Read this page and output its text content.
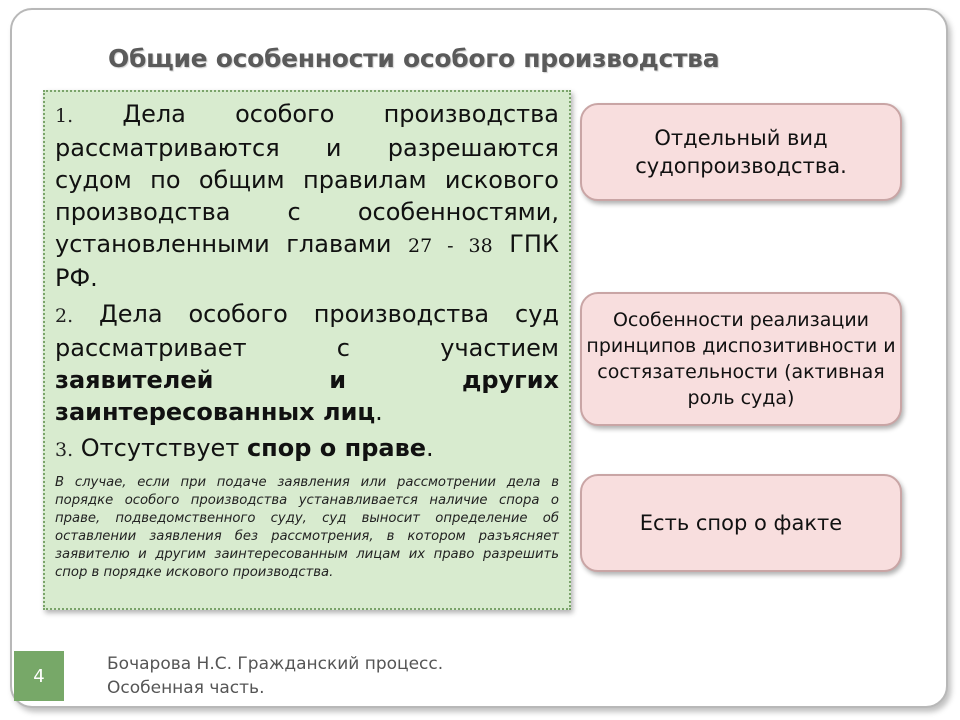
Общие особенности особого производства

1. Дела особого производства рассматриваются и разрешаются судом по общим правилам искового производства с особенностями, установленными главами 27 - 38 ГПК РФ.

2. Дела особого производства суд рассматривает с участием заявителей и других заинтересованных лиц.

3. Отсутствует спор о праве.

В случае, если при подаче заявления или рассмотрении дела в порядке особого производства устанавливается наличие спора о праве, подведомственного суду, суд выносит определение об оставлении заявления без рассмотрения, в котором разъясняет заявителю и другим заинтересованным лицам их право разрешить спор в порядке искового производства.
Отдельный вид судопроизводства.
Особенности реализации принципов диспозитивности и состязательности (активная роль суда)
Есть спор о факте
4
Бочарова Н.С. Гражданский процесс.
Особенная часть.
